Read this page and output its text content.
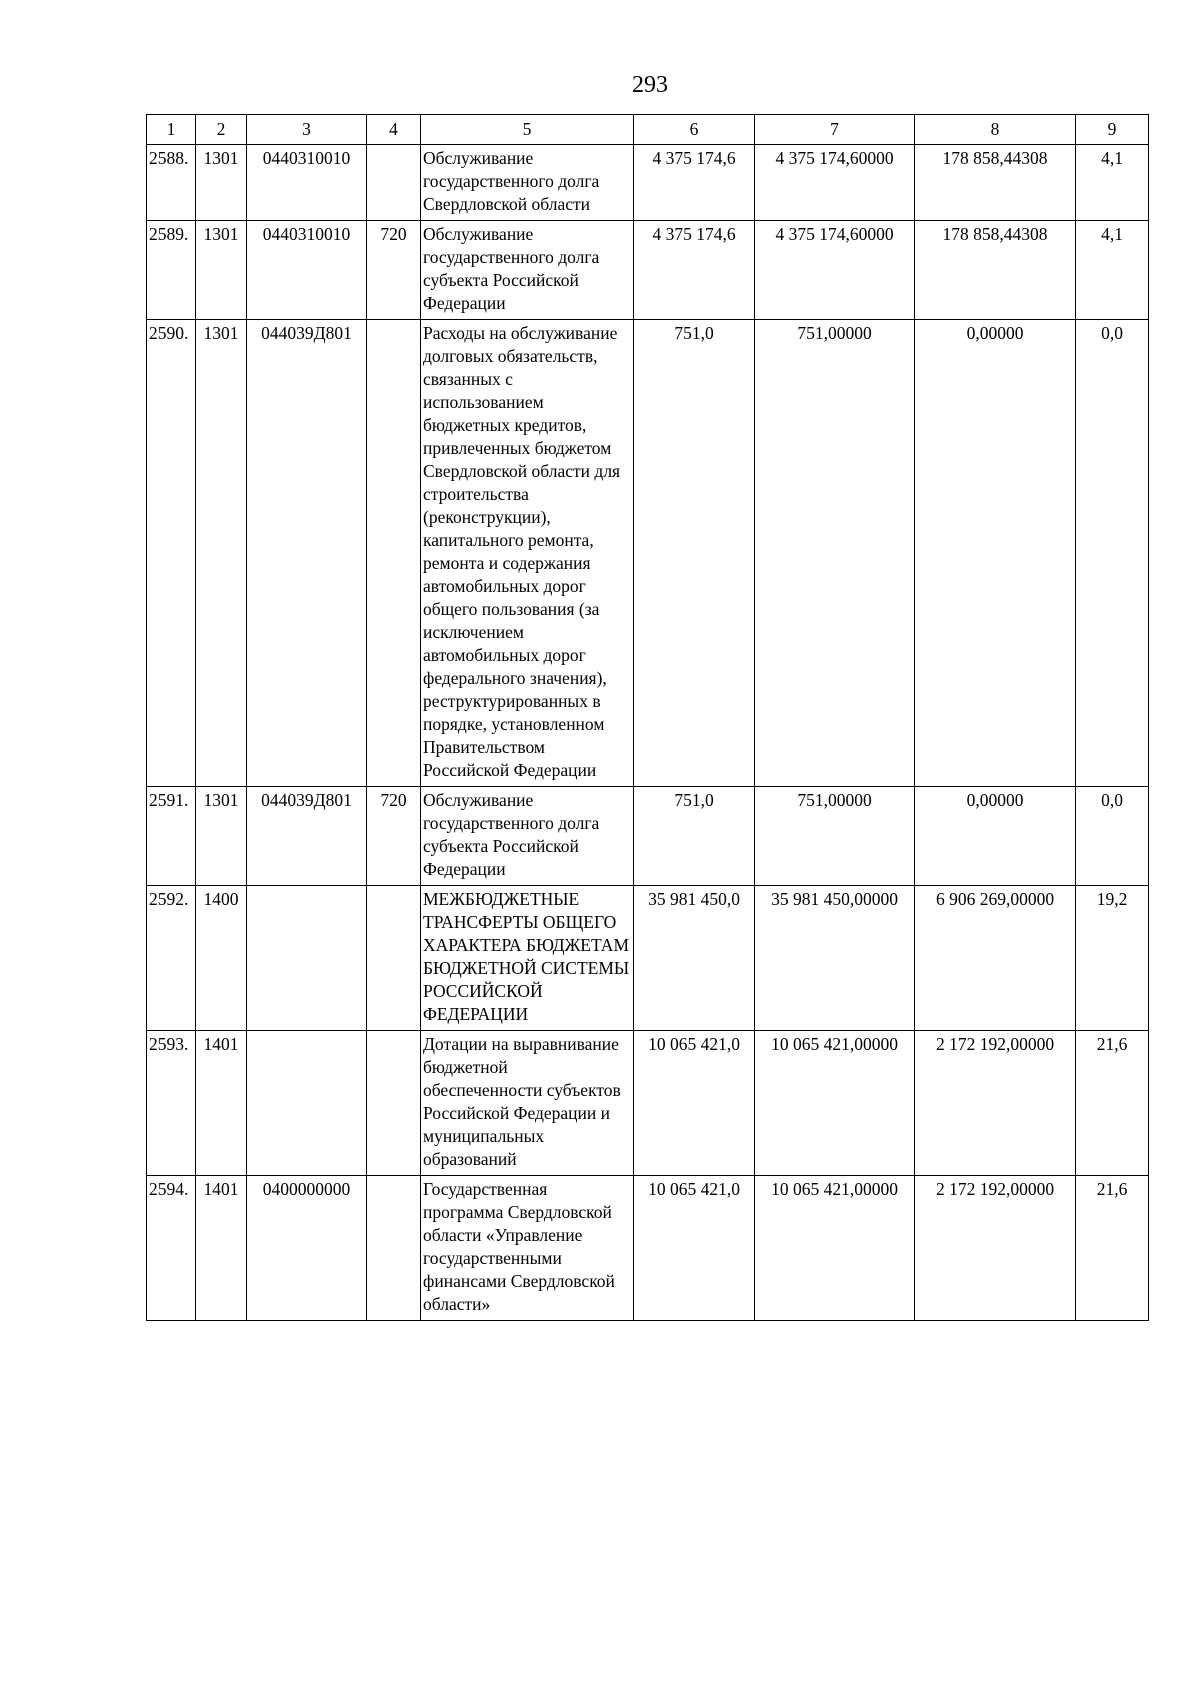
293
1	2	3	4	5	6	7	8	9
2588.	1301	0440310010		Обслуживание государственного долга Свердловской области	4 375 174,6	4 375 174,60000	178 858,44308	4,1
2589.	1301	0440310010	720	Обслуживание государственного долга субъекта Российской Федерации	4 375 174,6	4 375 174,60000	178 858,44308	4,1
2590.	1301	044039Д801		Расходы на обслуживание долговых обязательств, связанных с использованием бюджетных кредитов, привлеченных бюджетом Свердловской области для строительства (реконструкции), капитального ремонта, ремонта и содержания автомобильных дорог общего пользования (за исключением автомобильных дорог федерального значения), реструктурированных в порядке, установленном Правительством Российской Федерации	751,0	751,00000	0,00000	0,0
2591.	1301	044039Д801	720	Обслуживание государственного долга субъекта Российской Федерации	751,0	751,00000	0,00000	0,0
2592.	1400			МЕЖБЮДЖЕТНЫЕ ТРАНСФЕРТЫ ОБЩЕГО ХАРАКТЕРА БЮДЖЕТАМ БЮДЖЕТНОЙ СИСТЕМЫ РОССИЙСКОЙ ФЕДЕРАЦИИ	35 981 450,0	35 981 450,00000	6 906 269,00000	19,2
2593.	1401			Дотации на выравнивание бюджетной обеспеченности субъектов Российской Федерации и муниципальных образований	10 065 421,0	10 065 421,00000	2 172 192,00000	21,6
2594.	1401	0400000000		Государственная программа Свердловской области «Управление государственными финансами Свердловской области»	10 065 421,0	10 065 421,00000	2 172 192,00000	21,6
